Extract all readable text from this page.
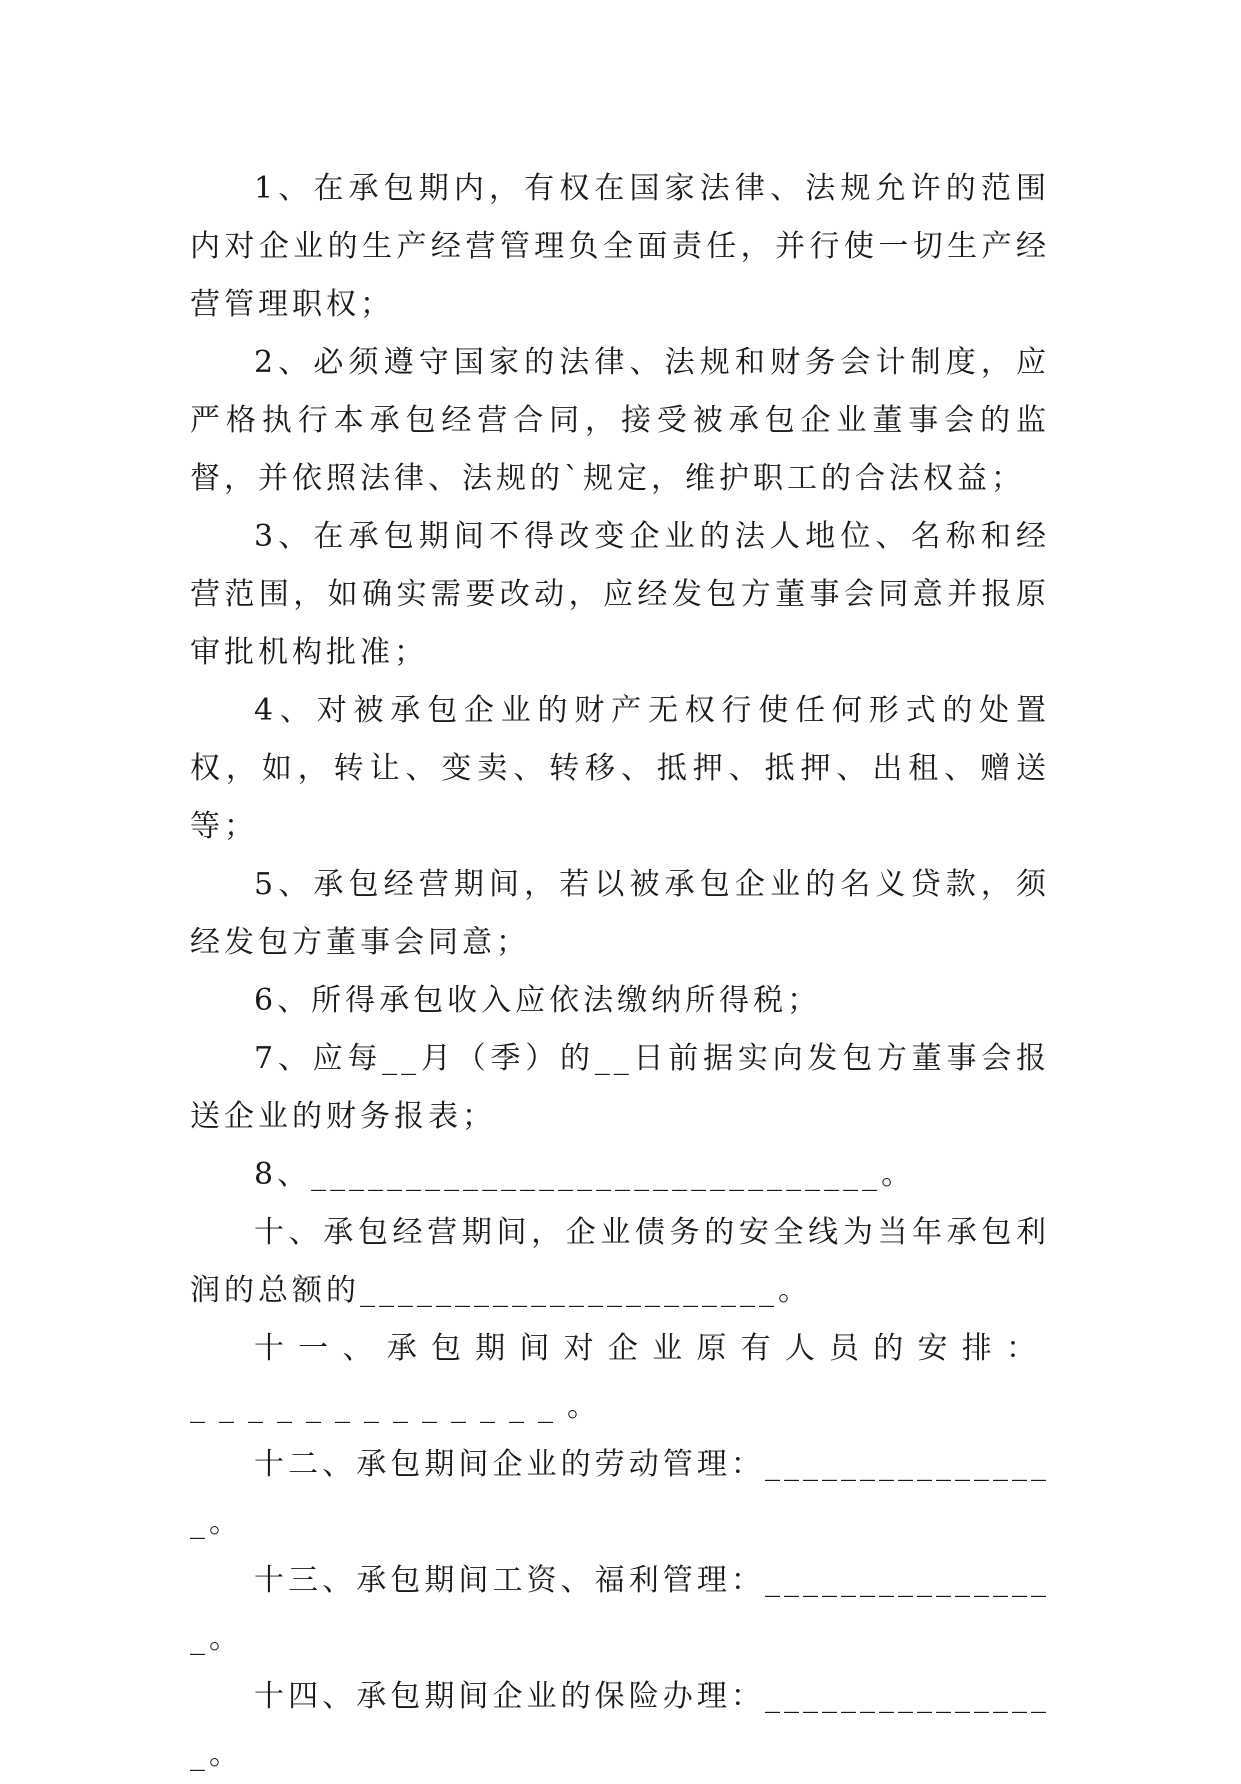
1、在承包期内，有权在国家法律、法规允许的范围内对企业的生产经营管理负全面责任，并行使一切生产经营管理职权；

2、必须遵守国家的法律、法规和财务会计制度，应严格执行本承包经营合同，接受被承包企业董事会的监督，并依照法律、法规的`规定，维护职工的合法权益；

3、在承包期间不得改变企业的法人地位、名称和经营范围，如确实需要改动，应经发包方董事会同意并报原审批机构批准；

4、对被承包企业的财产无权行使任何形式的处置权，如，转让、变卖、转移、抵押、抵押、出租、赠送等；

5、承包经营期间，若以被承包企业的名义贷款，须经发包方董事会同意；

6、所得承包收入应依法缴纳所得税；

7、应每__月（季）的__日前据实向发包方董事会报送企业的财务报表；

8、______________________________。

十、承包经营期间，企业债务的安全线为当年承包利润的总额的______________________。

十一、承包期间对企业原有人员的安排：_____________。

十二、承包期间企业的劳动管理：________________。

十三、承包期间工资、福利管理：________________。

十四、承包期间企业的保险办理：________________。
